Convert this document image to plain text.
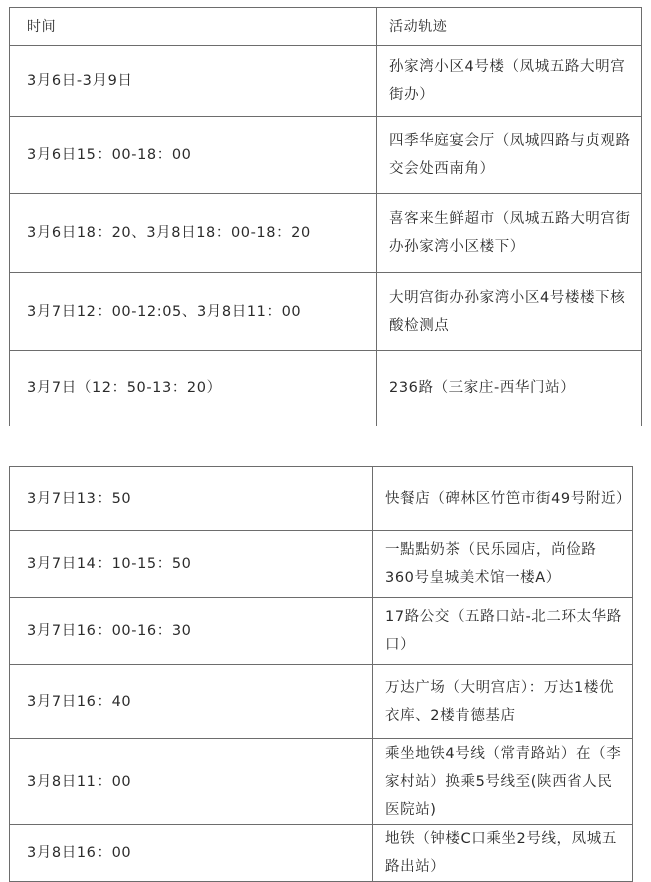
时间	活动轨迹
3月6日-3月9日	孙家湾小区4号楼（凤城五路大明宫街办）
3月6日15：00-18：00	四季华庭宴会厅（凤城四路与贞观路交会处西南角）
3月6日18：20、3月8日18：00-18：20	喜客来生鲜超市（凤城五路大明宫街办孙家湾小区楼下）
3月7日12：00-12:05、3月8日11：00	大明宫街办孙家湾小区4号楼楼下核酸检测点
3月7日（12：50-13：20）	236路（三家庄-西华门站）
3月7日13：50	快餐店（碑林区竹笆市街49号附近）
3月7日14：10-15：50	一點點奶茶（民乐园店，尚俭路360号皇城美术馆一楼A）
3月7日16：00-16：30	17路公交（五路口站-北二环太华路口）
3月7日16：40	万达广场（大明宫店）：万达1楼优衣库、2楼肯德基店
3月8日11：00	乘坐地铁4号线（常青路站）在（李家村站）换乘5号线至(陕西省人民医院站)
3月8日16：00	地铁（钟楼C口乘坐2号线，凤城五路出站）
